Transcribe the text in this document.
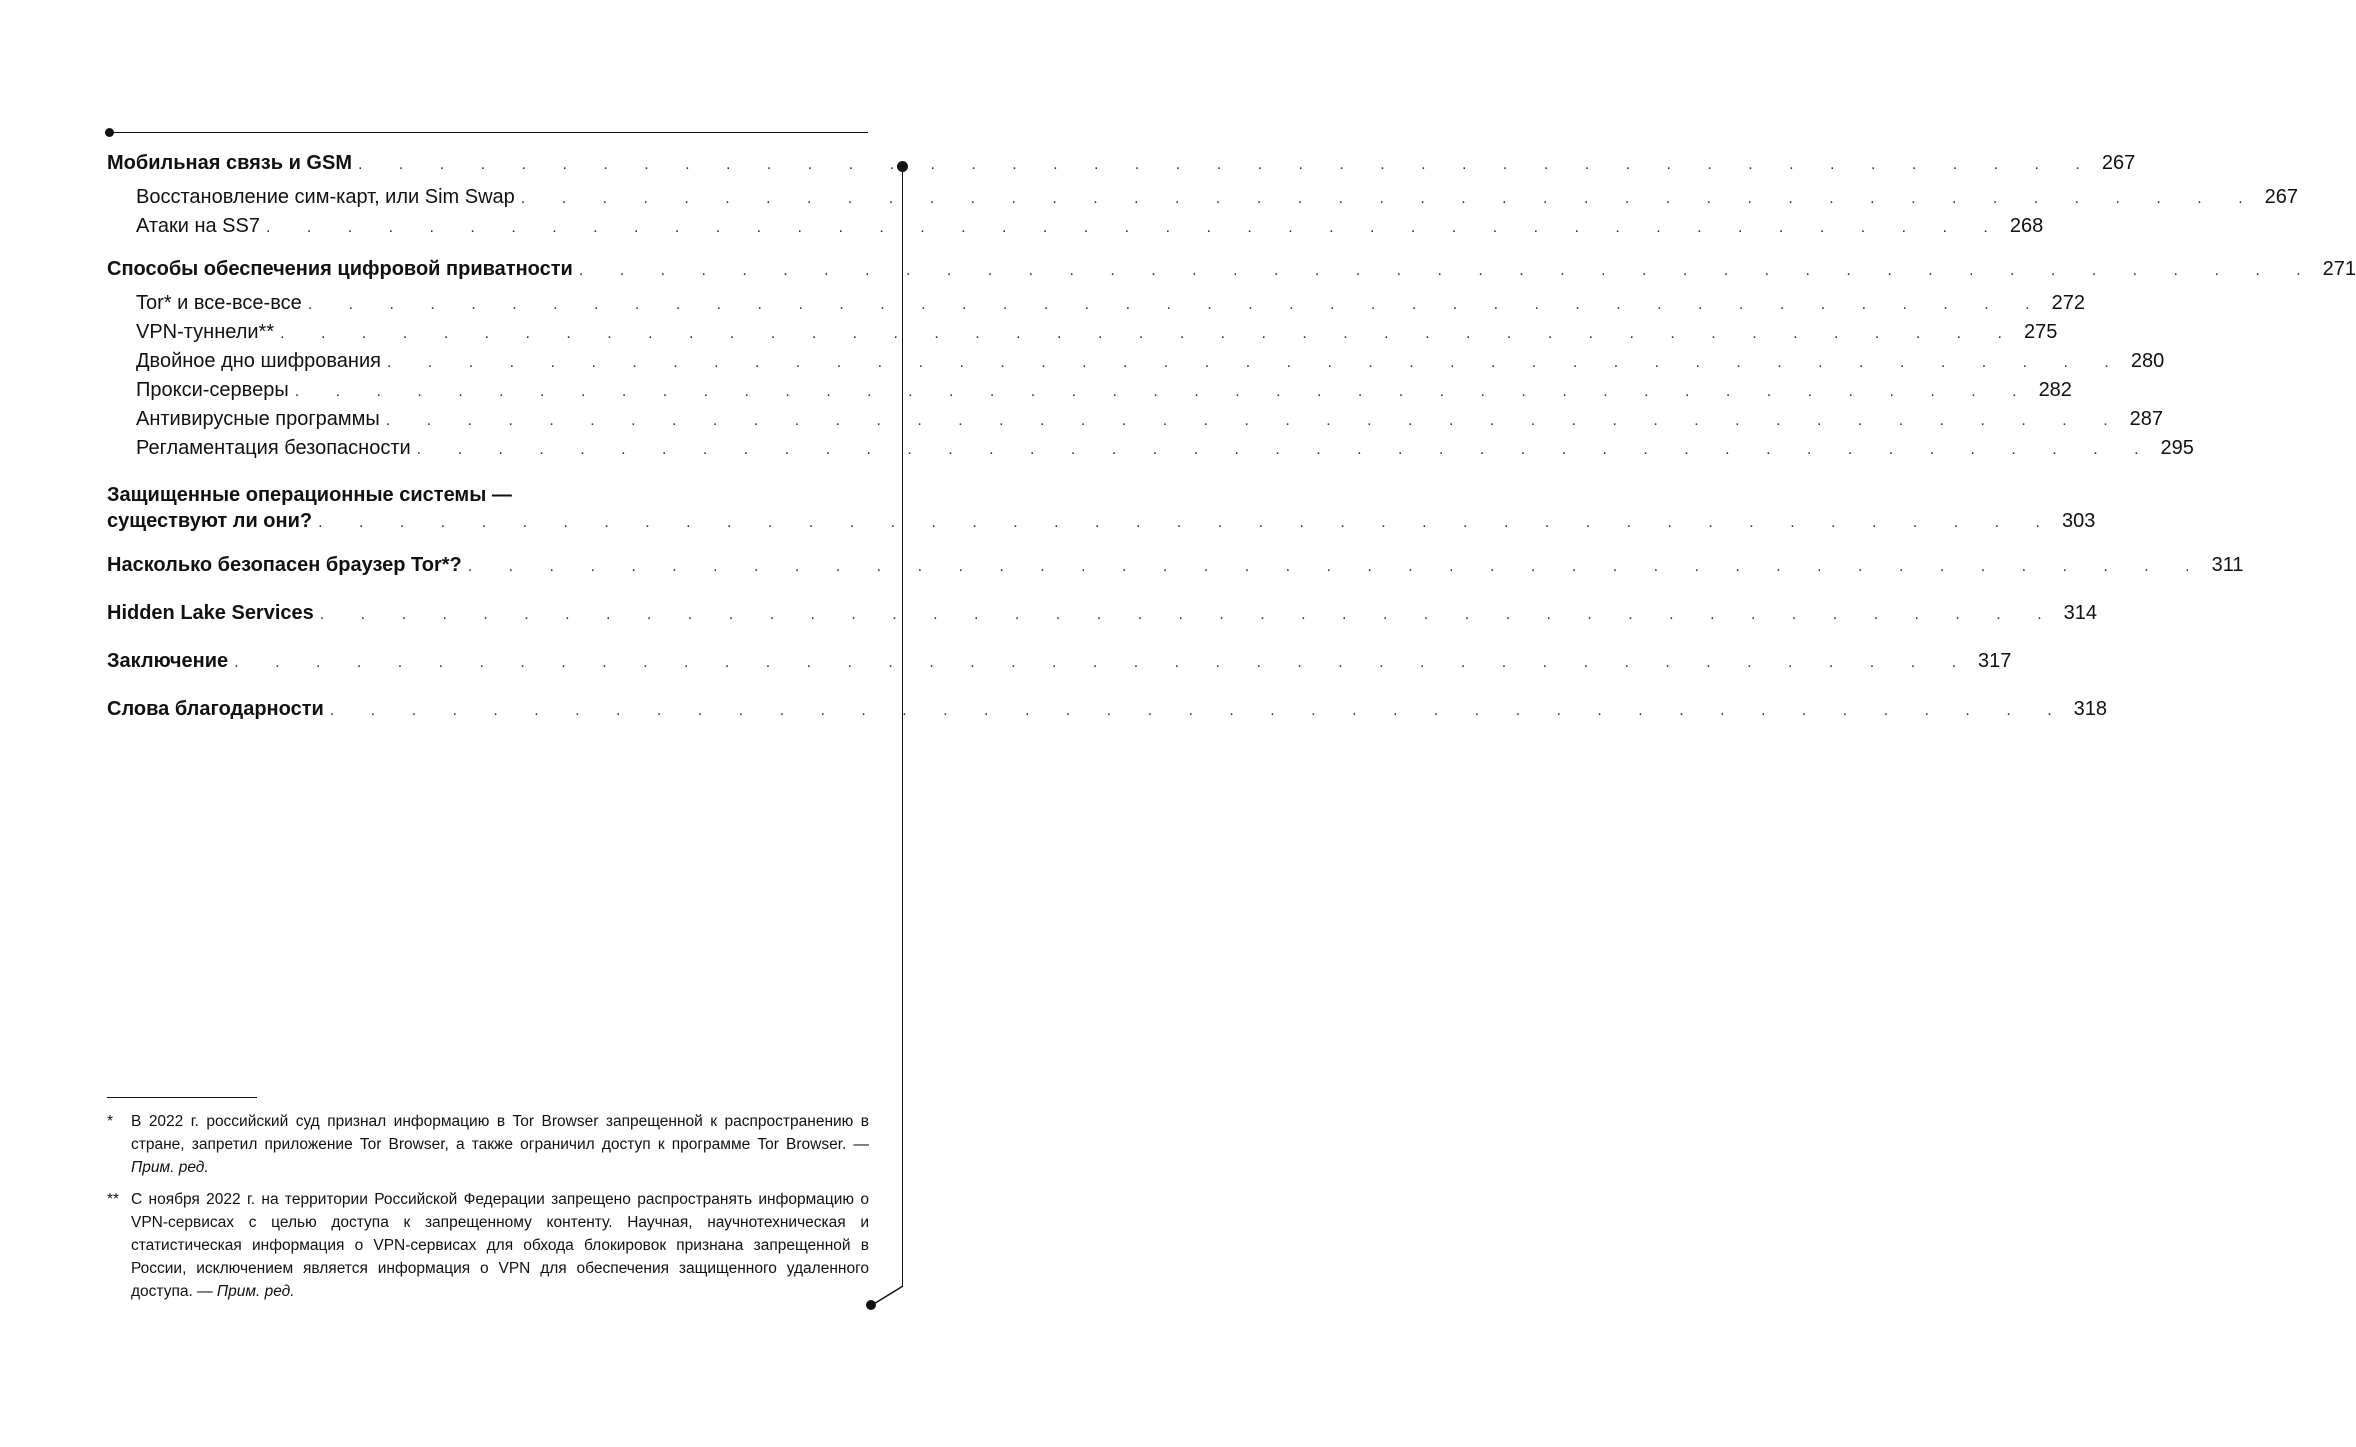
Мобильная связь и GSM . . . . . . . . . . . . . . . . . . . . . . . . . . . . . . . . . . . . . . . . . . . 267
Восстановление сим-карт, или Sim Swap . . . . . . . . . . . . . . . . . . . . . . . . . . . . . . . . . . . . . . . . . . . 267
Атаки на SS7 . . . . . . . . . . . . . . . . . . . . . . . . . . . . . . . . . . . . . . . . . . . 268
Способы обеспечения цифровой приватности . . . . . . . . . . . . . . . . . . . . . . . . . . . . . . . . . . . . . . . . . . . 271
Tor* и все-все-все . . . . . . . . . . . . . . . . . . . . . . . . . . . . . . . . . . . . . . . . . . . 272
VPN-туннели** . . . . . . . . . . . . . . . . . . . . . . . . . . . . . . . . . . . . . . . . . . . 275
Двойное дно шифрования . . . . . . . . . . . . . . . . . . . . . . . . . . . . . . . . . . . . . . . . . . . 280
Прокси-серверы . . . . . . . . . . . . . . . . . . . . . . . . . . . . . . . . . . . . . . . . . . . 282
Антивирусные программы . . . . . . . . . . . . . . . . . . . . . . . . . . . . . . . . . . . . . . . . . . . 287
Регламентация безопасности . . . . . . . . . . . . . . . . . . . . . . . . . . . . . . . . . . . . . . . . . . . 295
Защищенные операционные системы —
существуют ли они? . . . . . . . . . . . . . . . . . . . . . . . . . . . . . . . . . . . . . . . . . . . 303
Насколько безопасен браузер Tor*? . . . . . . . . . . . . . . . . . . . . . . . . . . . . . . . . . . . . . . . . . . . 311
Hidden Lake Services . . . . . . . . . . . . . . . . . . . . . . . . . . . . . . . . . . . . . . . . . . . 314
Заключение . . . . . . . . . . . . . . . . . . . . . . . . . . . . . . . . . . . . . . . . . . . 317
Слова благодарности . . . . . . . . . . . . . . . . . . . . . . . . . . . . . . . . . . . . . . . . . . . 318
*	В 2022 г. российский суд признал информацию в Tor Browser запрещенной к распространению в стране, запретил приложение Tor Browser, а также ограничил доступ к программе Tor Browser. — Прим. ред.
** С ноября 2022 г. на территории Российской Федерации запрещено распространять информацию о VPN-сервисах с целью доступа к запрещенному контенту. Научная, научнотехническая и статистическая информация о VPN-сервисах для обхода блокировок признана запрещенной в России, исключением является информация о VPN для обеспечения защищенного удаленного доступа. — Прим. ред.
